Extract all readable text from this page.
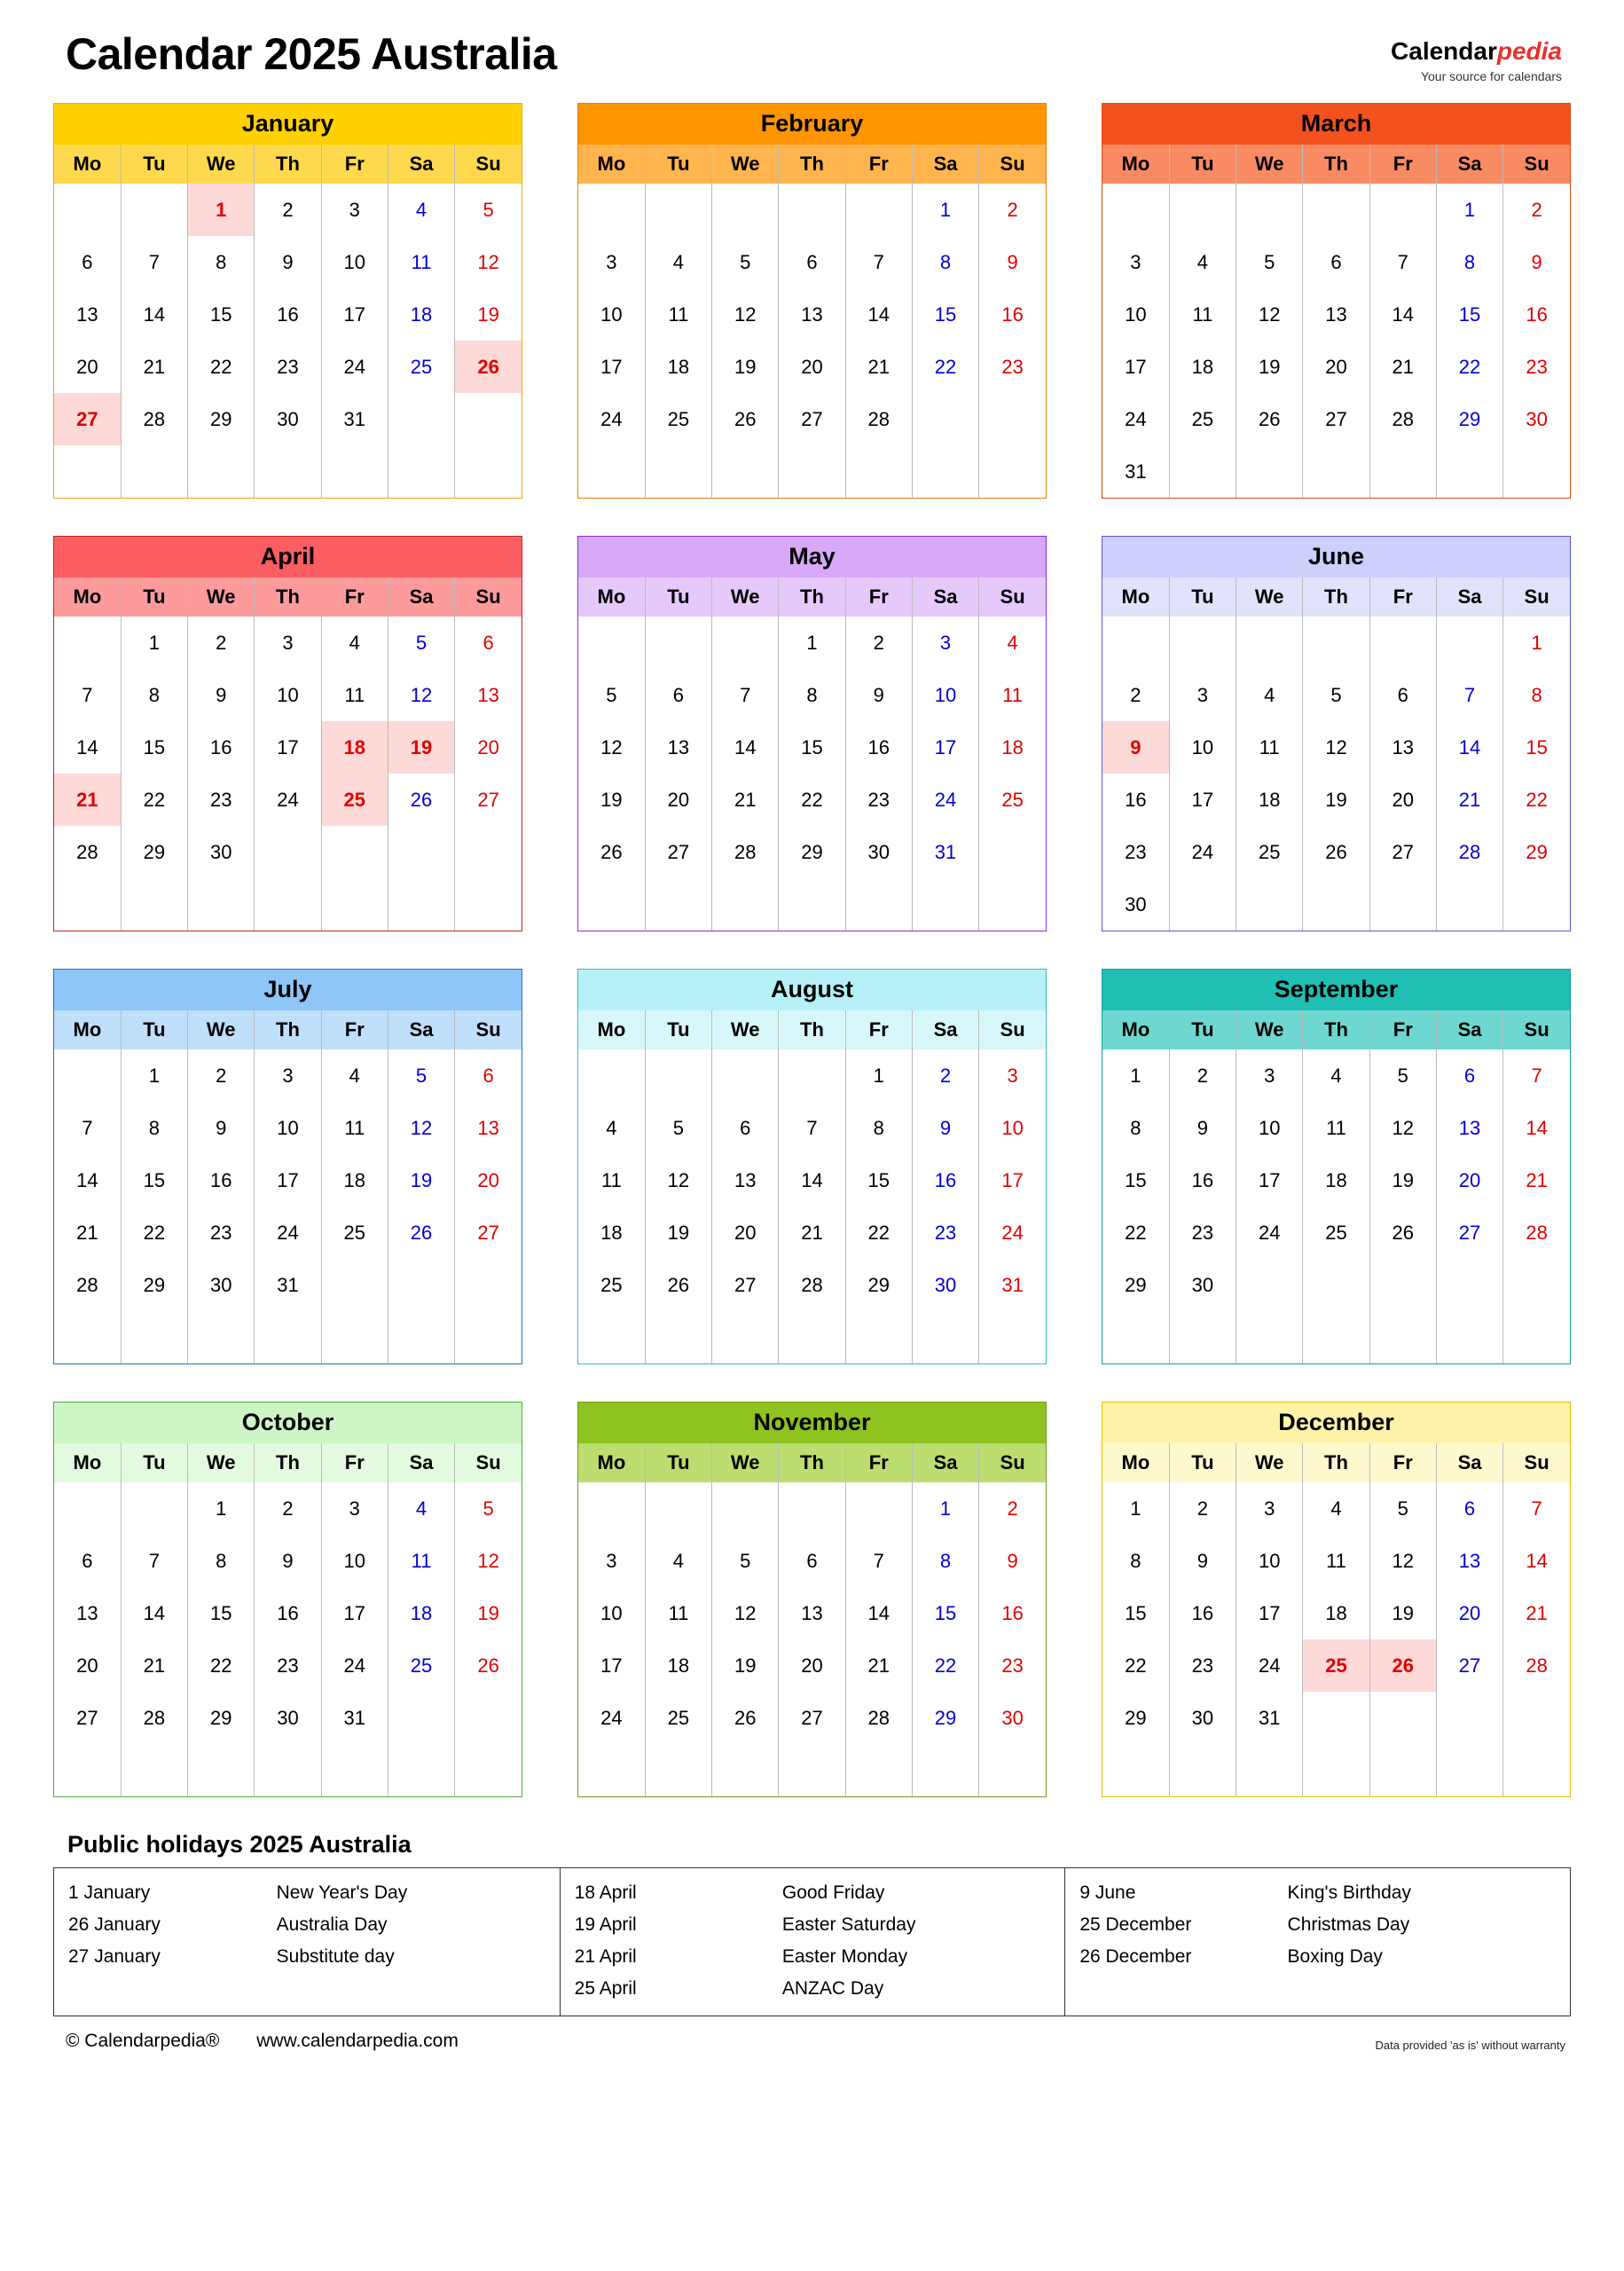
Calendar 2025 Australia	Calendarpedia
Your source for calendars
January
Mo	Tu	We	Th	Fr	Sa	Su
		1	2	3	4	5
6	7	8	9	10	11	12
13	14	15	16	17	18	19
20	21	22	23	24	25	26
27	28	29	30	31		

February
Mo	Tu	We	Th	Fr	Sa	Su
					1	2
3	4	5	6	7	8	9
10	11	12	13	14	15	16
17	18	19	20	21	22	23
24	25	26	27	28		

March
Mo	Tu	We	Th	Fr	Sa	Su
					1	2
3	4	5	6	7	8	9
10	11	12	13	14	15	16
17	18	19	20	21	22	23
24	25	26	27	28	29	30
31						
April
Mo	Tu	We	Th	Fr	Sa	Su
	1	2	3	4	5	6
7	8	9	10	11	12	13
14	15	16	17	18	19	20
21	22	23	24	25	26	27
28	29	30				

May
Mo	Tu	We	Th	Fr	Sa	Su
			1	2	3	4
5	6	7	8	9	10	11
12	13	14	15	16	17	18
19	20	21	22	23	24	25
26	27	28	29	30	31	

June
Mo	Tu	We	Th	Fr	Sa	Su
						1
2	3	4	5	6	7	8
9	10	11	12	13	14	15
16	17	18	19	20	21	22
23	24	25	26	27	28	29
30						
July
Mo	Tu	We	Th	Fr	Sa	Su
	1	2	3	4	5	6
7	8	9	10	11	12	13
14	15	16	17	18	19	20
21	22	23	24	25	26	27
28	29	30	31			

August
Mo	Tu	We	Th	Fr	Sa	Su
				1	2	3
4	5	6	7	8	9	10
11	12	13	14	15	16	17
18	19	20	21	22	23	24
25	26	27	28	29	30	31

September
Mo	Tu	We	Th	Fr	Sa	Su
1	2	3	4	5	6	7
8	9	10	11	12	13	14
15	16	17	18	19	20	21
22	23	24	25	26	27	28
29	30					

October
Mo	Tu	We	Th	Fr	Sa	Su
		1	2	3	4	5
6	7	8	9	10	11	12
13	14	15	16	17	18	19
20	21	22	23	24	25	26
27	28	29	30	31		

November
Mo	Tu	We	Th	Fr	Sa	Su
					1	2
3	4	5	6	7	8	9
10	11	12	13	14	15	16
17	18	19	20	21	22	23
24	25	26	27	28	29	30

December
Mo	Tu	We	Th	Fr	Sa	Su
1	2	3	4	5	6	7
8	9	10	11	12	13	14
15	16	17	18	19	20	21
22	23	24	25	26	27	28
29	30	31				

Public holidays 2025 Australia
1 January	New Year's Day
26 January	Australia Day
27 January	Substitute day
18 April	Good Friday
19 April	Easter Saturday
21 April	Easter Monday
25 April	ANZAC Day
9 June	King's Birthday
25 December	Christmas Day
26 December	Boxing Day
© Calendarpedia® www.calendarpedia.com	Data provided 'as is' without warranty
